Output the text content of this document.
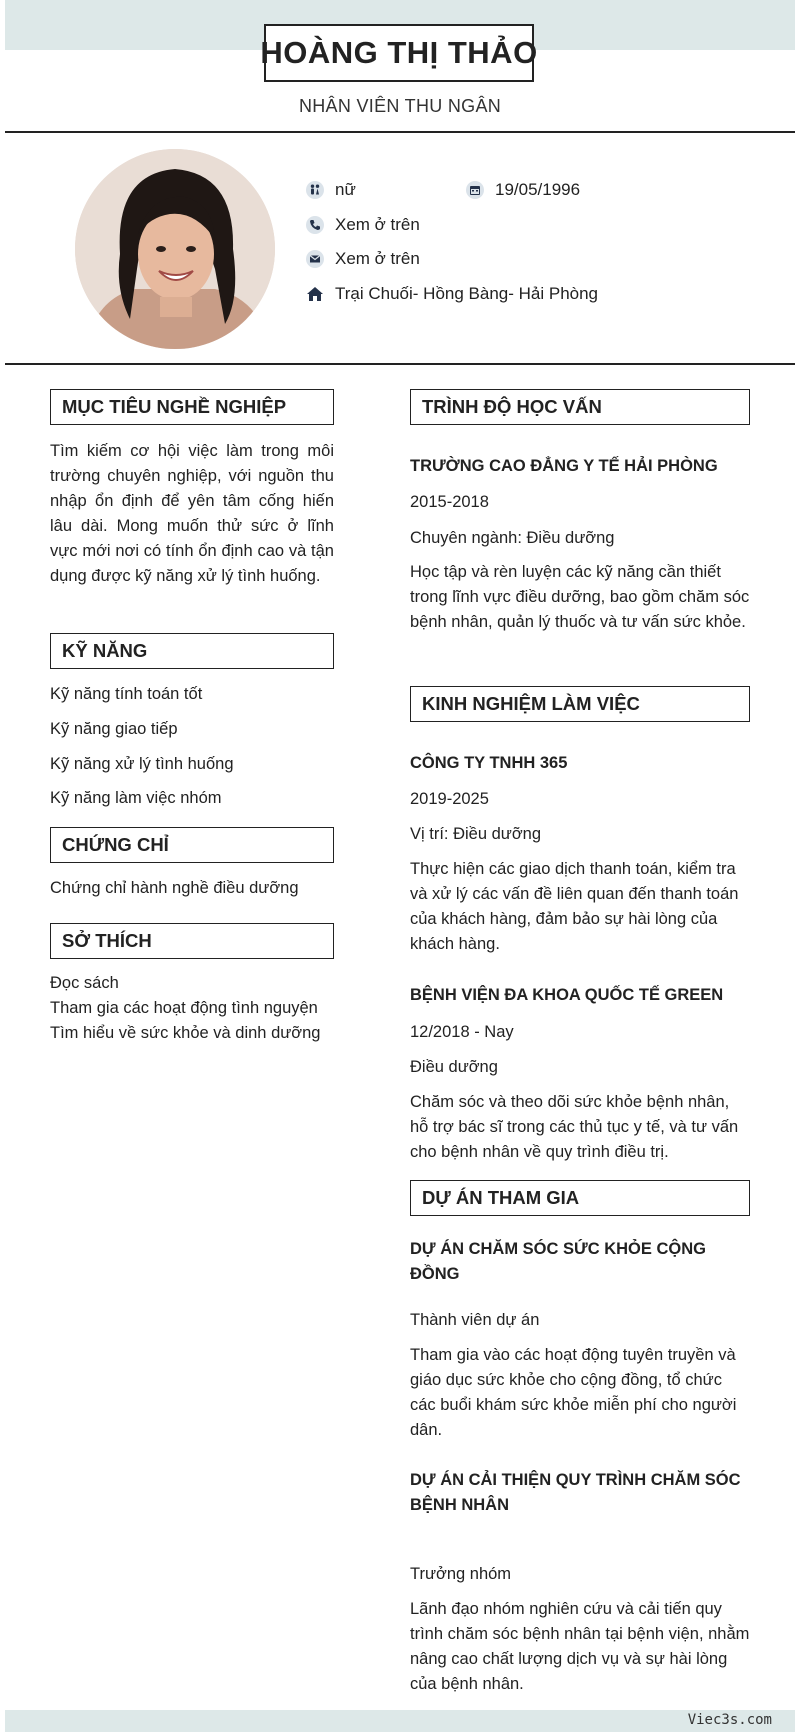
HOÀNG THỊ THẢO
NHÂN VIÊN THU NGÂN
nữ	19/05/1996
Xem ở trên
Xem ở trên
Trại Chuối- Hồng Bàng- Hải Phòng
MỤC TIÊU NGHỀ NGHIỆP
Tìm kiếm cơ hội việc làm trong môi trường chuyên nghiệp, với nguồn thu nhập ổn định để yên tâm cống hiến lâu dài. Mong muốn thử sức ở lĩnh vực mới nơi có tính ổn định cao và tận dụng được kỹ năng xử lý tình huống.
KỸ NĂNG
Kỹ năng tính toán tốt
Kỹ năng giao tiếp
Kỹ năng xử lý tình huống
Kỹ năng làm việc nhóm
CHỨNG CHỈ
Chứng chỉ hành nghề điều dưỡng
SỞ THÍCH
Đọc sách
Tham gia các hoạt động tình nguyện
Tìm hiểu về sức khỏe và dinh dưỡng
TRÌNH ĐỘ HỌC VẤN
TRƯỜNG CAO ĐẲNG Y TẾ HẢI PHÒNG
2015-2018
Chuyên ngành: Điều dưỡng
Học tập và rèn luyện các kỹ năng cần thiết trong lĩnh vực điều dưỡng, bao gồm chăm sóc bệnh nhân, quản lý thuốc và tư vấn sức khỏe.
KINH NGHIỆM LÀM VIỆC
CÔNG TY TNHH 365
2019-2025
Vị trí: Điều dưỡng
Thực hiện các giao dịch thanh toán, kiểm tra và xử lý các vấn đề liên quan đến thanh toán của khách hàng, đảm bảo sự hài lòng của khách hàng.
BỆNH VIỆN ĐA KHOA QUỐC TẾ GREEN
12/2018 - Nay
Điều dưỡng
Chăm sóc và theo dõi sức khỏe bệnh nhân, hỗ trợ bác sĩ trong các thủ tục y tế, và tư vấn cho bệnh nhân về quy trình điều trị.
DỰ ÁN THAM GIA
DỰ ÁN CHĂM SÓC SỨC KHỎE CỘNG ĐỒNG
Thành viên dự án
Tham gia vào các hoạt động tuyên truyền và giáo dục sức khỏe cho cộng đồng, tổ chức các buổi khám sức khỏe miễn phí cho người dân.
DỰ ÁN CẢI THIỆN QUY TRÌNH CHĂM SÓC BỆNH NHÂN
Trưởng nhóm
Lãnh đạo nhóm nghiên cứu và cải tiến quy trình chăm sóc bệnh nhân tại bệnh viện, nhằm nâng cao chất lượng dịch vụ và sự hài lòng của bệnh nhân.
Viec3s.com
